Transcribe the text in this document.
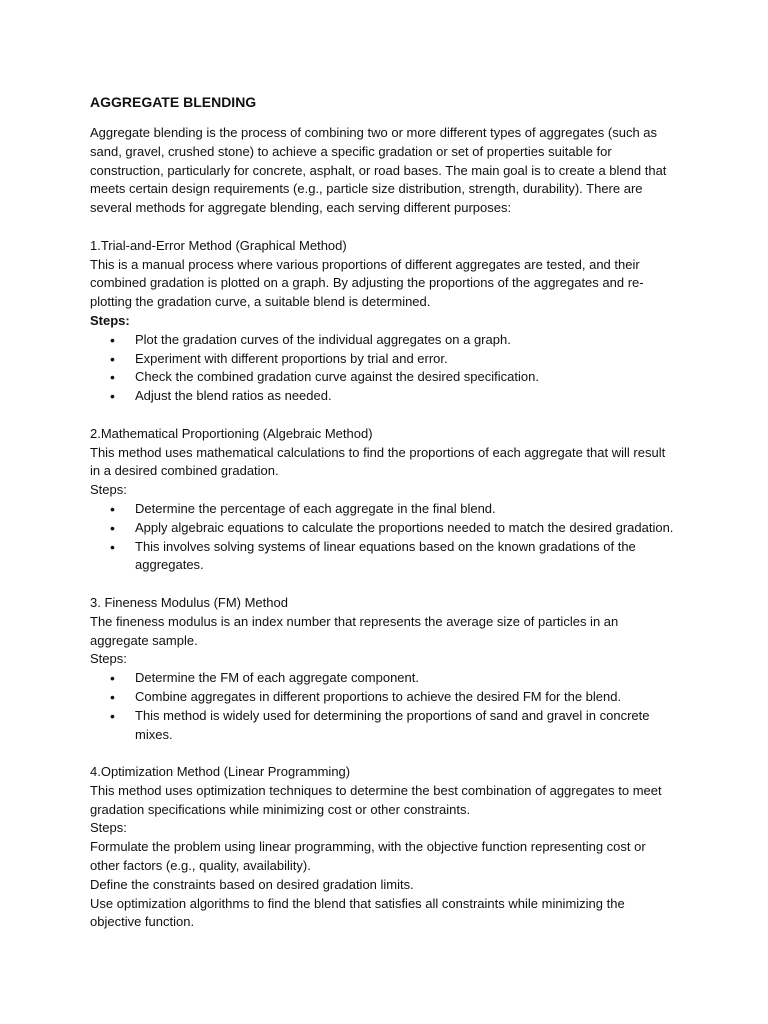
AGGREGATE BLENDING

Aggregate blending is the process of combining two or more different types of aggregates (such as sand, gravel, crushed stone) to achieve a specific gradation or set of properties suitable for construction, particularly for concrete, asphalt, or road bases. The main goal is to create a blend that meets certain design requirements (e.g., particle size distribution, strength, durability). There are several methods for aggregate blending, each serving different purposes:

1.Trial-and-Error Method (Graphical Method)

This is a manual process where various proportions of different aggregates are tested, and their combined gradation is plotted on a graph. By adjusting the proportions of the aggregates and re-plotting the gradation curve, a suitable blend is determined.

Steps:

• Plot the gradation curves of the individual aggregates on a graph.
• Experiment with different proportions by trial and error.
• Check the combined gradation curve against the desired specification.
• Adjust the blend ratios as needed.

2.Mathematical Proportioning (Algebraic Method)

This method uses mathematical calculations to find the proportions of each aggregate that will result in a desired combined gradation.

Steps:

• Determine the percentage of each aggregate in the final blend.
• Apply algebraic equations to calculate the proportions needed to match the desired gradation.
• This involves solving systems of linear equations based on the known gradations of the aggregates.

3. Fineness Modulus (FM) Method

The fineness modulus is an index number that represents the average size of particles in an aggregate sample.

Steps:

• Determine the FM of each aggregate component.
• Combine aggregates in different proportions to achieve the desired FM for the blend.
• This method is widely used for determining the proportions of sand and gravel in concrete mixes.

4.Optimization Method (Linear Programming)

This method uses optimization techniques to determine the best combination of aggregates to meet gradation specifications while minimizing cost or other constraints.

Steps:

Formulate the problem using linear programming, with the objective function representing cost or other factors (e.g., quality, availability).

Define the constraints based on desired gradation limits.

Use optimization algorithms to find the blend that satisfies all constraints while minimizing the objective function.
